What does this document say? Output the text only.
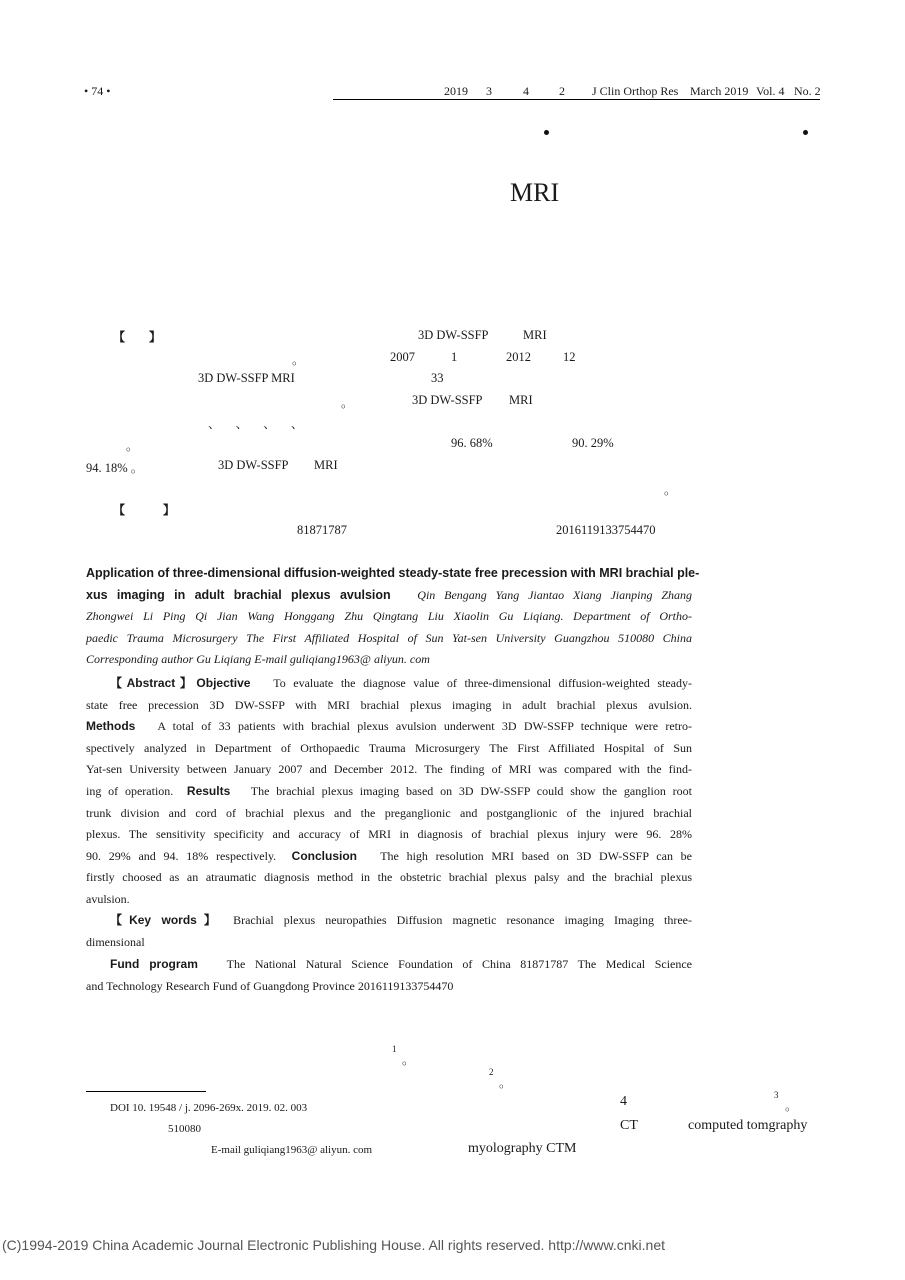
• 74 •	2019 3	4	2 J Clin Orthop Res March 2019 Vol. 4 No. 2
MRI
【 】	3D DW-SSFP	MRI
。	2007	1	2012	12
3D DW-SSFP MRI	33
。	3D DW-SSFP MRI
、 、 、 、
。	96. 68%	90. 29%
94. 18% 。	3D DW-SSFP MRI
。
【	】
81871787	2016119133754470
Application of three-dimensional diffusion-weighted steady-state free precession with MRI brachial ple-
xus imaging in adult brachial plexus avulsion Qin Bengang Yang Jiantao Xiang Jianping Zhang
Zhongwei Li Ping Qi Jian Wang Honggang Zhu Qingtang Liu Xiaolin Gu Liqiang. Department of Ortho-
paedic Trauma Microsurgery The First Affiliated Hospital of Sun Yat-sen University Guangzhou 510080 China
Corresponding author Gu Liqiang E-mail guliqiang1963@ aliyun. com
【Abstract】Objective To evaluate the diagnose value of three-dimensional diffusion-weighted steady-
state free precession 3D DW-SSFP with MRI brachial plexus imaging in adult brachial plexus avulsion.
Methods A total of 33 patients with brachial plexus avulsion underwent 3D DW-SSFP technique were retro-
spectively analyzed in Department of Orthopaedic Trauma Microsurgery The First Affiliated Hospital of Sun
Yat-sen University between January 2007 and December 2012. The finding of MRI was compared with the find-
ing of operation. Results The brachial plexus imaging based on 3D DW-SSFP could show the ganglion root
trunk division and cord of brachial plexus and the preganglionic and postganglionic of the injured brachial
plexus. The sensitivity specificity and accuracy of MRI in diagnosis of brachial plexus injury were 96. 28%
90. 29% and 94. 18% respectively. Conclusion The high resolution MRI based on 3D DW-SSFP can be
firstly choosed as an atraumatic diagnosis method in the obstetric brachial plexus palsy and the brachial plexus
avulsion.
【Key words】 Brachial plexus neuropathies Diffusion magnetic resonance imaging Imaging three-
dimensional
Fund program The National Natural Science Foundation of China 81871787 The Medical Science
and Technology Research Fund of Guangdong Province 2016119133754470
1
。
2
。
4	3
。
CT	computed tomgraphy
myolography CTM
DOI 10. 19548 / j. 2096-269x. 2019. 02. 003
510080
E-mail guliqiang1963@ aliyun. com
(C)1994-2019 China Academic Journal Electronic Publishing House. All rights reserved. http://www.cnki.net
